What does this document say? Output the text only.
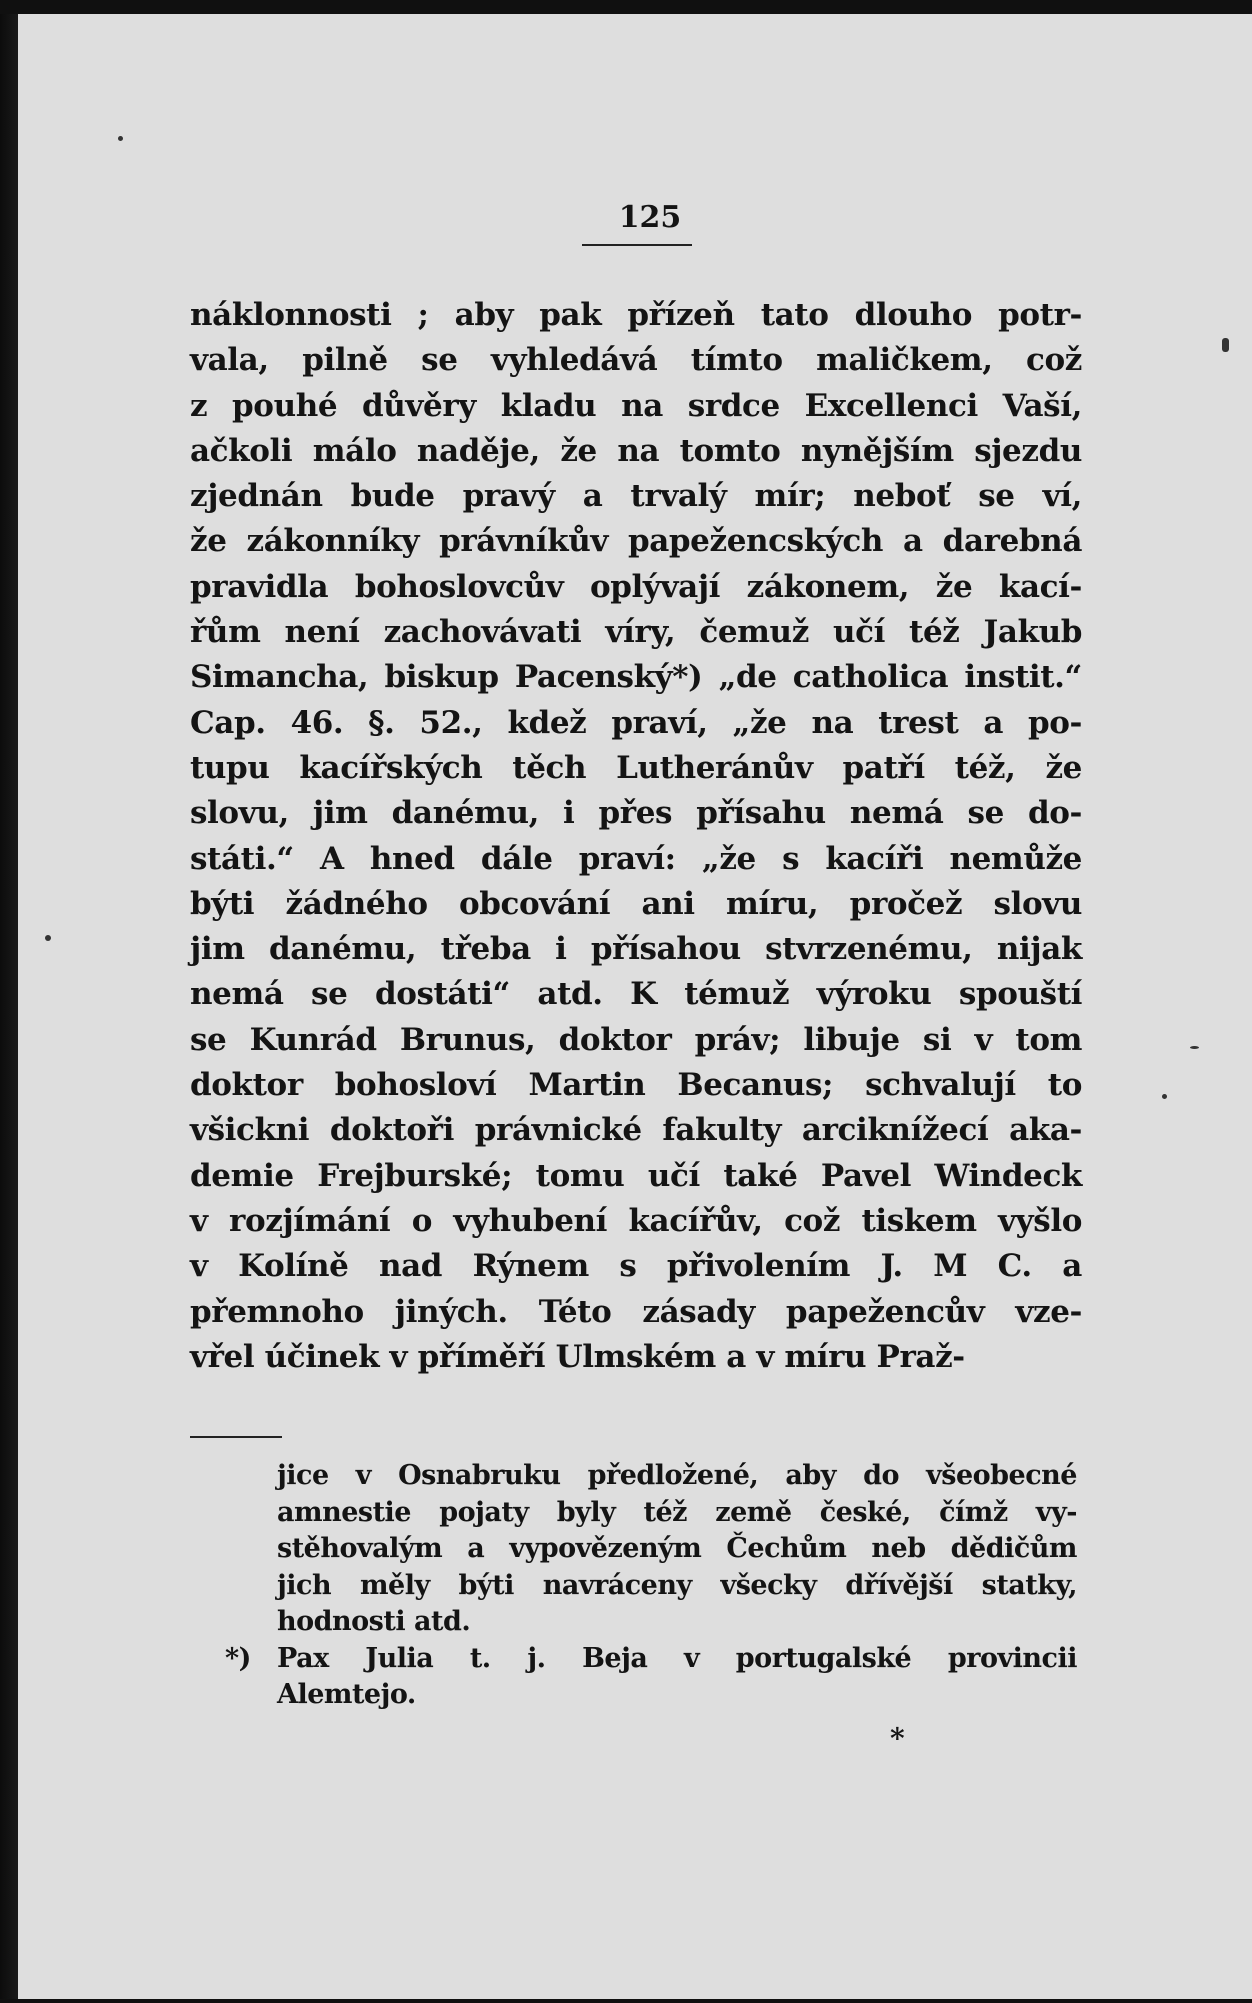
125
náklonnosti ; aby pak přízeň tato dlouho potr-
vala, pilně se vyhledává tímto maličkem, což
z pouhé důvěry kladu na srdce Excellenci Vaší,
ačkoli málo naděje, že na tomto nynějším sjezdu
zjednán bude pravý a trvalý mír; neboť se ví,
že zákonníky právníkův papežencských a darebná
pravidla bohoslovcův oplývají zákonem, že kací-
řům není zachovávati víry, čemuž učí též Jakub
Simancha, biskup Pacenský*) „de catholica instit.“
Cap. 46. §. 52., kdež praví, „že na trest a po-
tupu kacířských těch Lutheránův patří též, že
slovu, jim danému, i přes přísahu nemá se do-
státi.“ A hned dále praví: „že s kacíři nemůže
býti žádného obcování ani míru, pročež slovu
jim danému, třeba i přísahou stvrzenému, nijak
nemá se dostáti“ atd. K témuž výroku spouští
se Kunrád Brunus, doktor práv; libuje si v tom
doktor bohosloví Martin Becanus; schvalují to
všickni doktoři právnické fakulty arciknížecí aka-
demie Frejburské; tomu učí také Pavel Windeck
v rozjímání o vyhubení kacířův, což tiskem vyšlo
v Kolíně nad Rýnem s přivolením J. M C. a
přemnoho jiných. Této zásady papežencův vze-
vřel účinek v příměří Ulmském a v míru Praž-
jice v Osnabruku předložené, aby do všeobecné
amnestie pojaty byly též země české, čímž vy-
stěhovalým a vypovězeným Čechům neb dědičům
jich měly býti navráceny všecky dřívější statky,
hodnosti atd.
*) Pax Julia t. j. Beja v portugalské provincii
Alemtejo.
*
